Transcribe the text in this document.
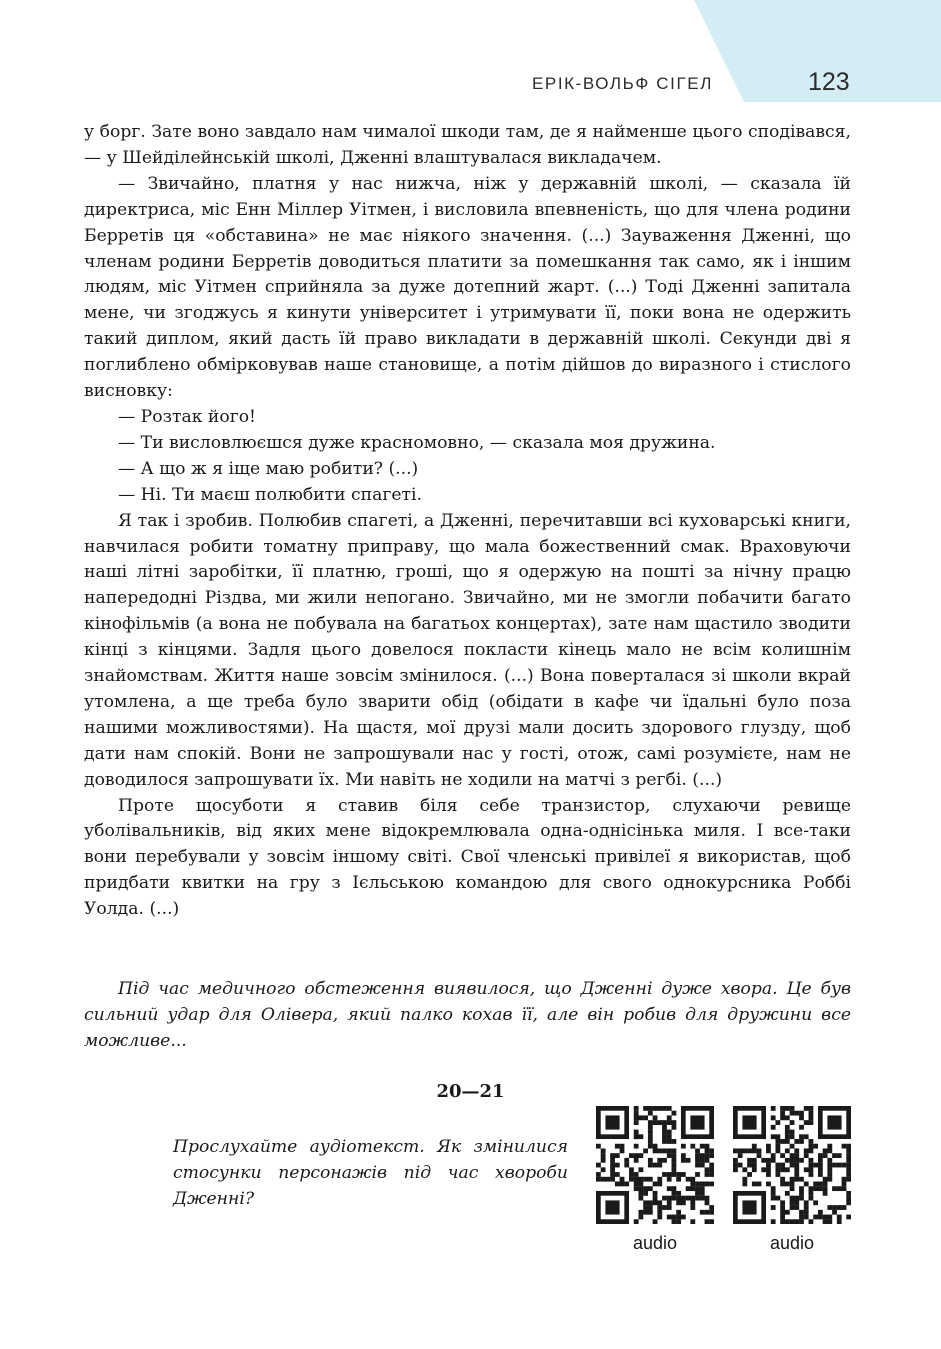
ЕРІК-ВОЛЬФ СІГЕЛ	123

у борг. Зате воно завдало нам чималої шкоди там, де я найменше цього сподівався, — у Шейділейнській школі, Дженні влаштувалася викладачем.

— Звичайно, платня у нас нижча, ніж у державній школі, — сказала їй директриса, міс Енн Міллер Уітмен, і висловила впевненість, що для члена родини Берретів ця «обставина» не має ніякого значення. (...) Зауваження Дженні, що членам родини Берретів доводиться платити за помешкання так само, як і іншим людям, міс Уітмен сприйняла за дуже дотепний жарт. (...) Тоді Дженні запитала мене, чи згоджусь я кинути університет і утримувати її, поки вона не одержить такий диплом, який дасть їй право викладати в державній школі. Секунди дві я поглиблено обмірковував наше становище, а потім дійшов до виразного і стислого висновку:

— Розтак його!

— Ти висловлюєшся дуже красномовно, — сказала моя дружина.

— А що ж я іще маю робити? (...)

— Ні. Ти маєш полюбити спагеті.

Я так і зробив. Полюбив спагеті, а Дженні, перечитавши всі куховарські книги, навчилася робити томатну приправу, що мала божественний смак. Враховуючи наші літні заробітки, її платню, гроші, що я одержую на пошті за нічну працю напередодні Різдва, ми жили непогано. Звичайно, ми не змогли побачити багато кінофільмів (а вона не побувала на багатьох концертах), зате нам щастило зводити кінці з кінцями. Задля цього довелося покласти кінець мало не всім колишнім знайомствам. Життя наше зовсім змінилося. (...) Вона поверталася зі школи вкрай утомлена, а ще треба було зварити обід (обідати в кафе чи їдальні було поза нашими можливостями). На щастя, мої друзі мали досить здорового глузду, щоб дати нам спокій. Вони не запрошували нас у гості, отож, самі розумієте, нам не доводилося запрошувати їх. Ми навіть не ходили на матчі з регбі. (...)

Проте щосуботи я ставив біля себе транзистор, слухаючи ревище уболівальників, від яких мене відокремлювала одна-однісінька миля. І все-таки вони перебували у зовсім іншому світі. Свої членські привілеї я використав, щоб придбати квитки на гру з Ієльською командою для свого однокурсника Роббі Уолда. (...)

Під час медичного обстеження виявилося, що Дженні дуже хвора. Це був сильний удар для Олівера, який палко кохав її, але він робив для дружини все можливе...

20—21

Прослухайте аудіотекст. Як змінилися стосунки персонажів під час хвороби Дженні?

audio	audio
